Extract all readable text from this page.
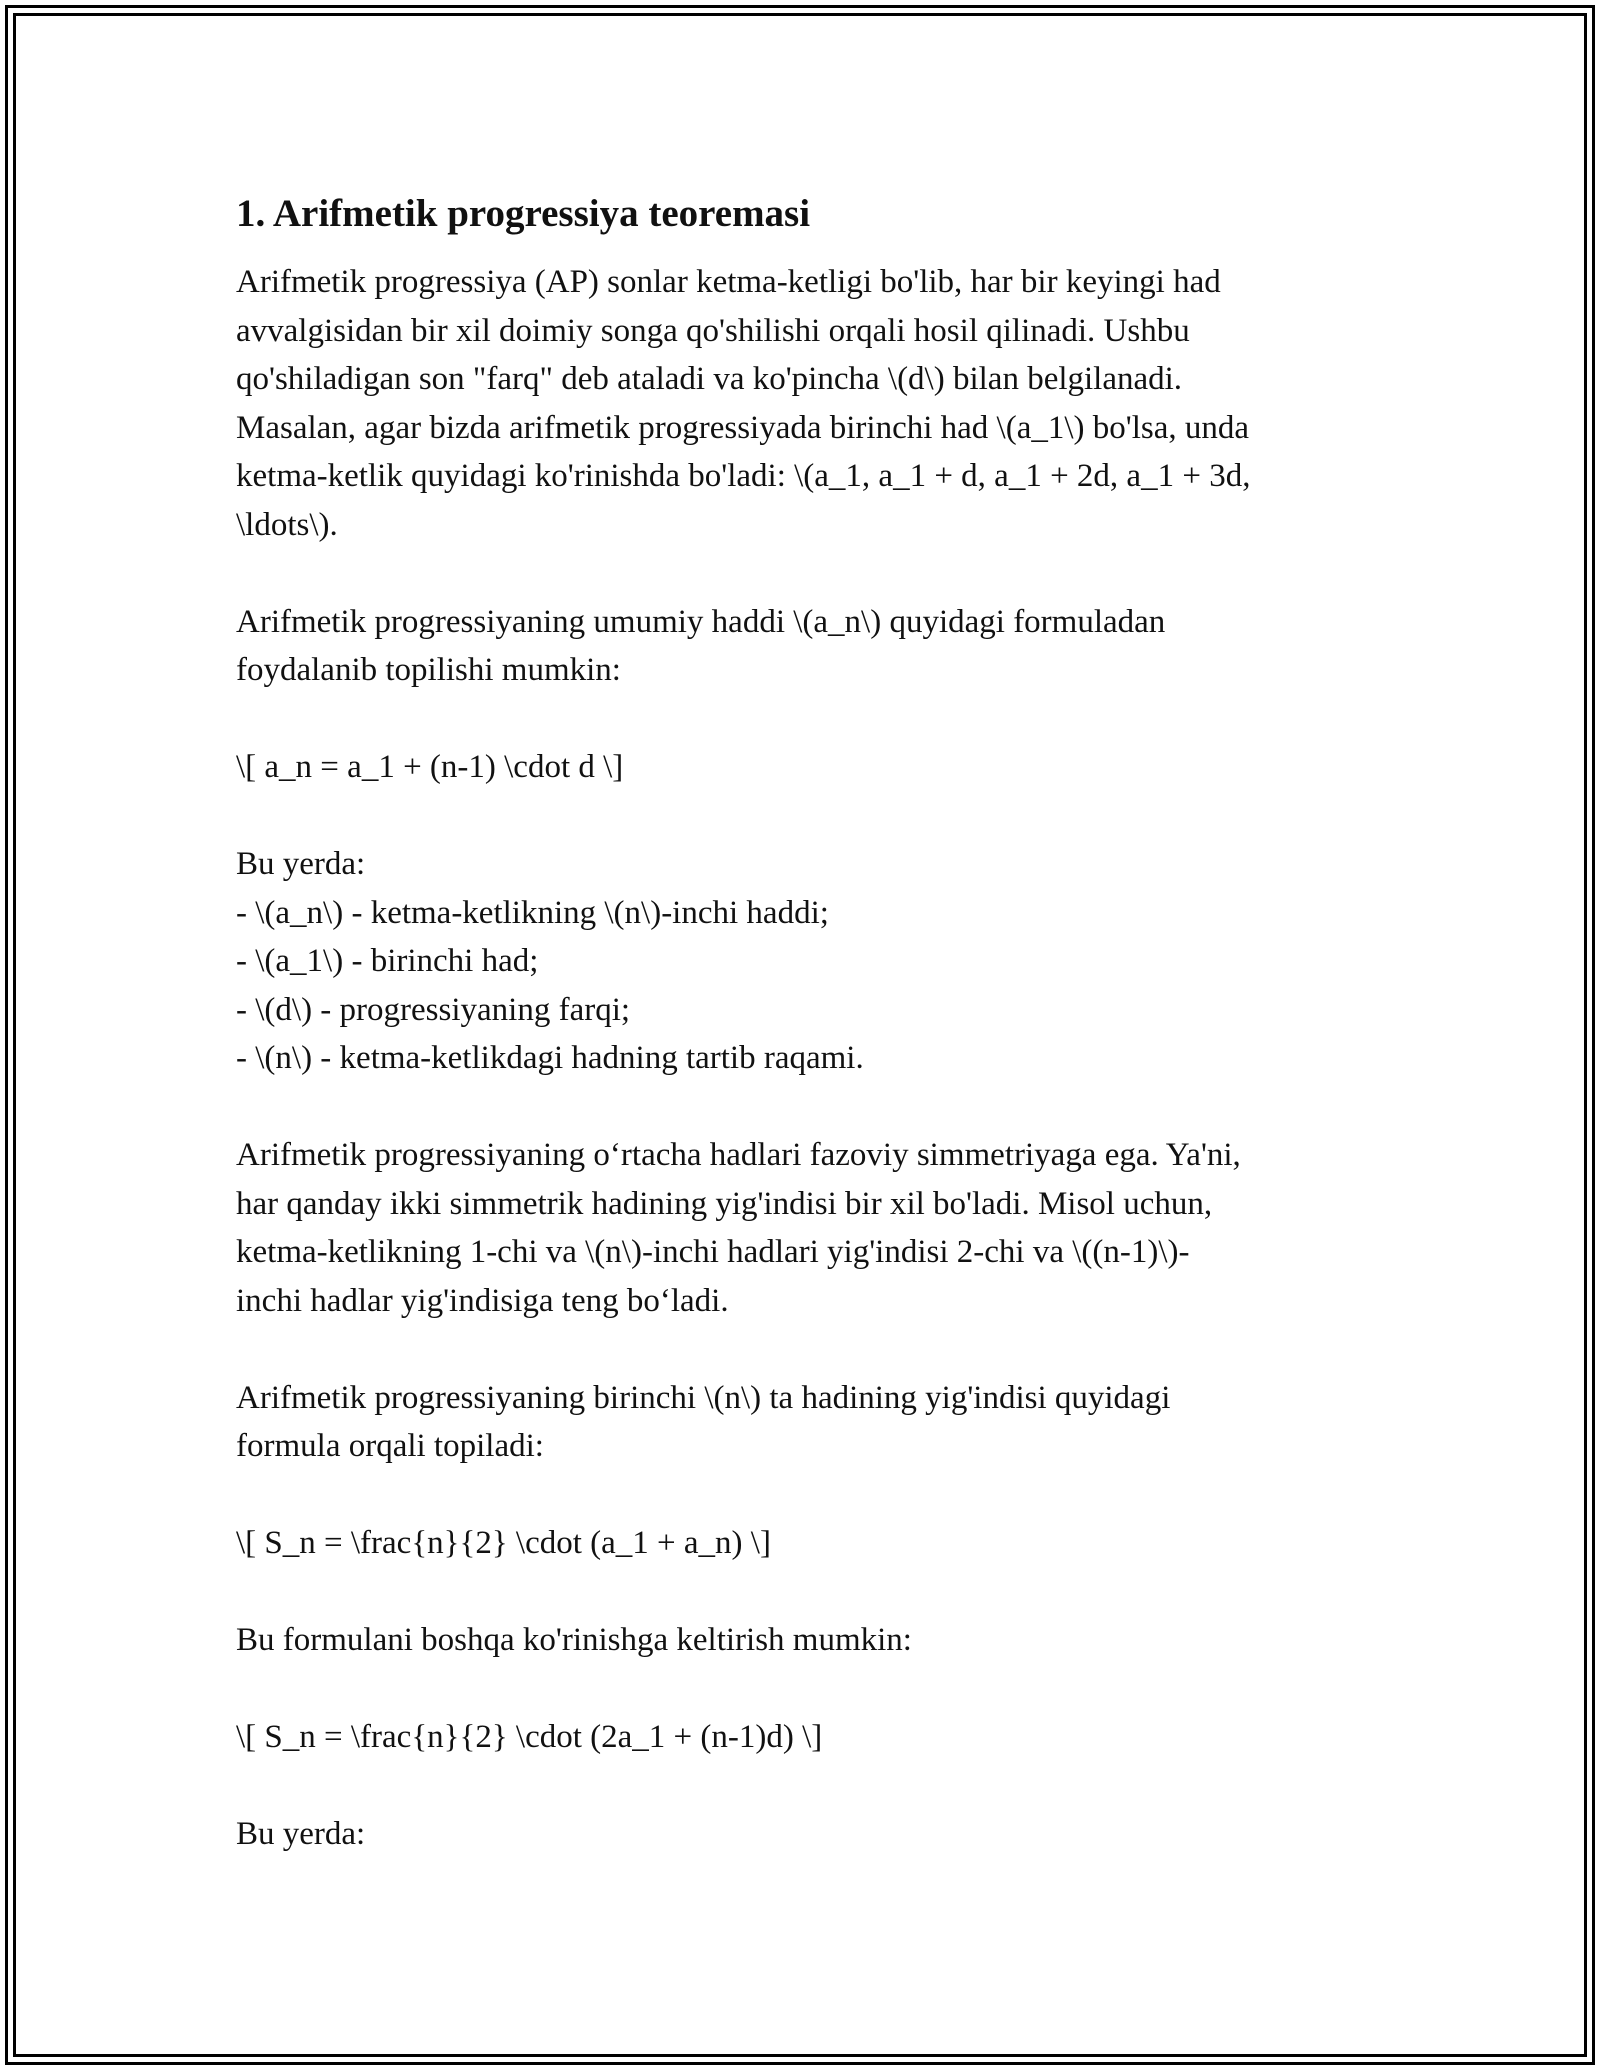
1. Arifmetik progressiya teoremasi
Arifmetik progressiya (AP) sonlar ketma-ketligi bo'lib, har bir keyingi had
avvalgisidan bir xil doimiy songa qo'shilishi orqali hosil qilinadi. Ushbu
qo'shiladigan son "farq" deb ataladi va ko'pincha \(d\) bilan belgilanadi.
Masalan, agar bizda arifmetik progressiyada birinchi had \(a_1\) bo'lsa, unda
ketma-ketlik quyidagi ko'rinishda bo'ladi: \(a_1, a_1 + d, a_1 + 2d, a_1 + 3d,
\ldots\).
Arifmetik progressiyaning umumiy haddi \(a_n\) quyidagi formuladan
foydalanib topilishi mumkin:
\[ a_n = a_1 + (n-1) \cdot d \]
Bu yerda:
- \(a_n\) - ketma-ketlikning \(n\)-inchi haddi;
- \(a_1\) - birinchi had;
- \(d\) - progressiyaning farqi;
- \(n\) - ketma-ketlikdagi hadning tartib raqami.
Arifmetik progressiyaning oʻrtacha hadlari fazoviy simmetriyaga ega. Ya'ni,
har qanday ikki simmetrik hadining yig'indisi bir xil bo'ladi. Misol uchun,
ketma-ketlikning 1-chi va \(n\)-inchi hadlari yig'indisi 2-chi va \((n-1)\)-
inchi hadlar yig'indisiga teng boʻladi.
Arifmetik progressiyaning birinchi \(n\) ta hadining yig'indisi quyidagi
formula orqali topiladi:
\[ S_n = \frac{n}{2} \cdot (a_1 + a_n) \]
Bu formulani boshqa ko'rinishga keltirish mumkin:
\[ S_n = \frac{n}{2} \cdot (2a_1 + (n-1)d) \]
Bu yerda:
